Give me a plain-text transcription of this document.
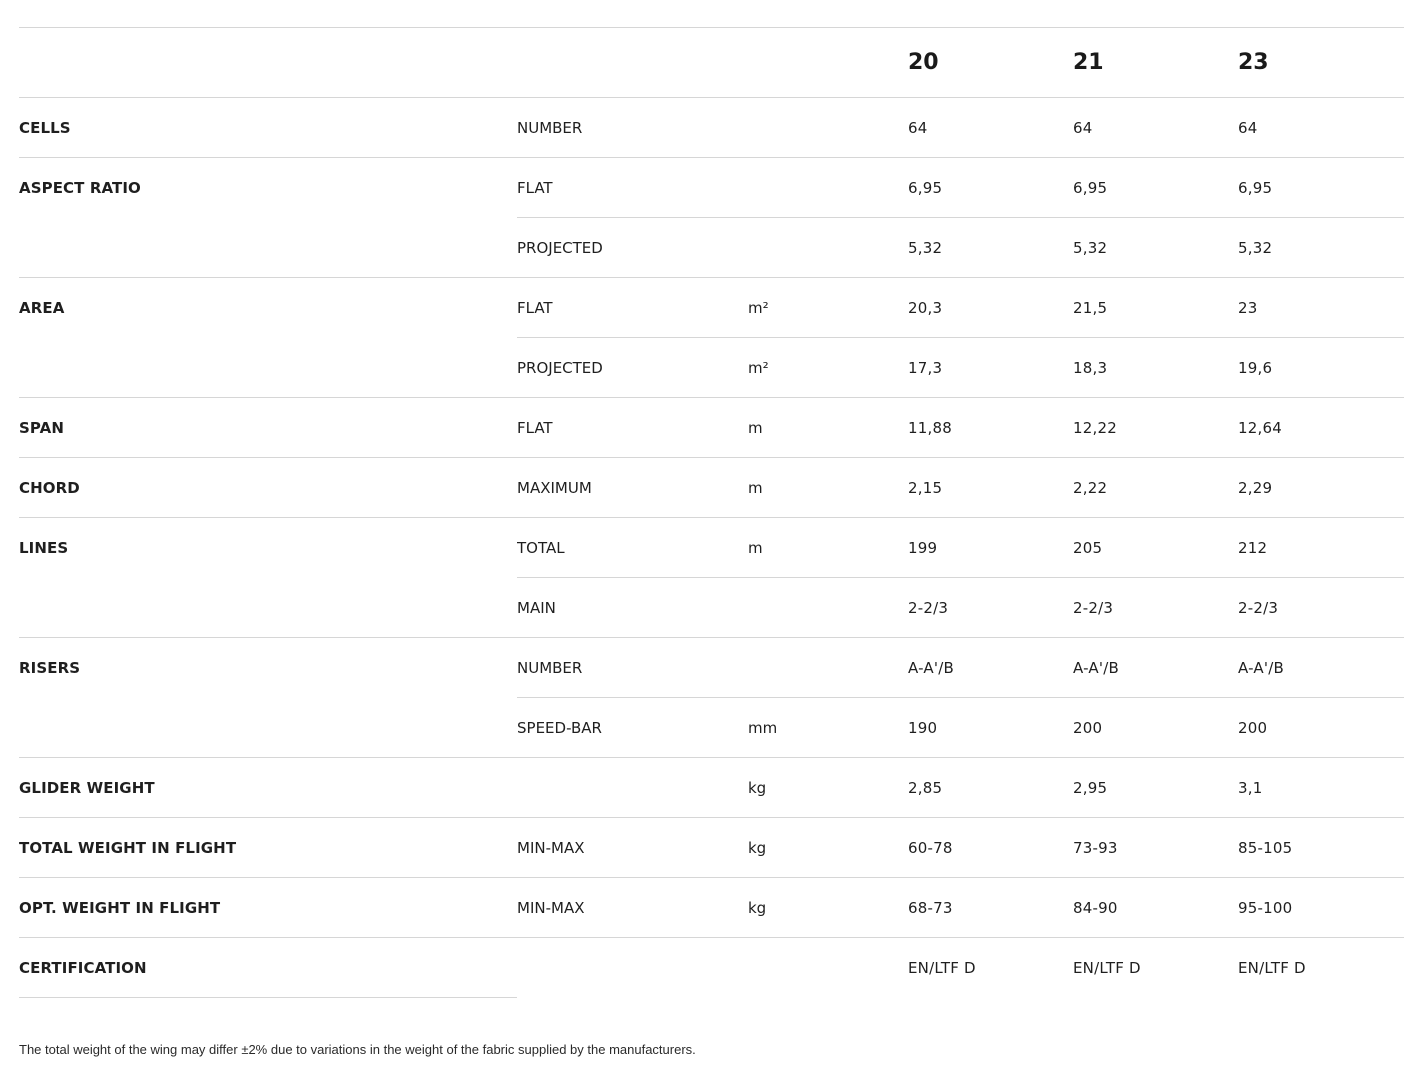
			20	21	23
CELLS	NUMBER		64	64	64
ASPECT RATIO	FLAT		6,95	6,95	6,95
	PROJECTED		5,32	5,32	5,32
AREA	FLAT	m²	20,3	21,5	23
	PROJECTED	m²	17,3	18,3	19,6
SPAN	FLAT	m	11,88	12,22	12,64
CHORD	MAXIMUM	m	2,15	2,22	2,29
LINES	TOTAL	m	199	205	212
	MAIN		2-2/3	2-2/3	2-2/3
RISERS	NUMBER		A-A'/B	A-A'/B	A-A'/B
	SPEED-BAR	mm	190	200	200
GLIDER WEIGHT		kg	2,85	2,95	3,1
TOTAL WEIGHT IN FLIGHT	MIN-MAX	kg	60-78	73-93	85-105
OPT. WEIGHT IN FLIGHT	MIN-MAX	kg	68-73	84-90	95-100
CERTIFICATION			EN/LTF D	EN/LTF D	EN/LTF D
The total weight of the wing may differ ±2% due to variations in the weight of the fabric supplied by the manufacturers.
